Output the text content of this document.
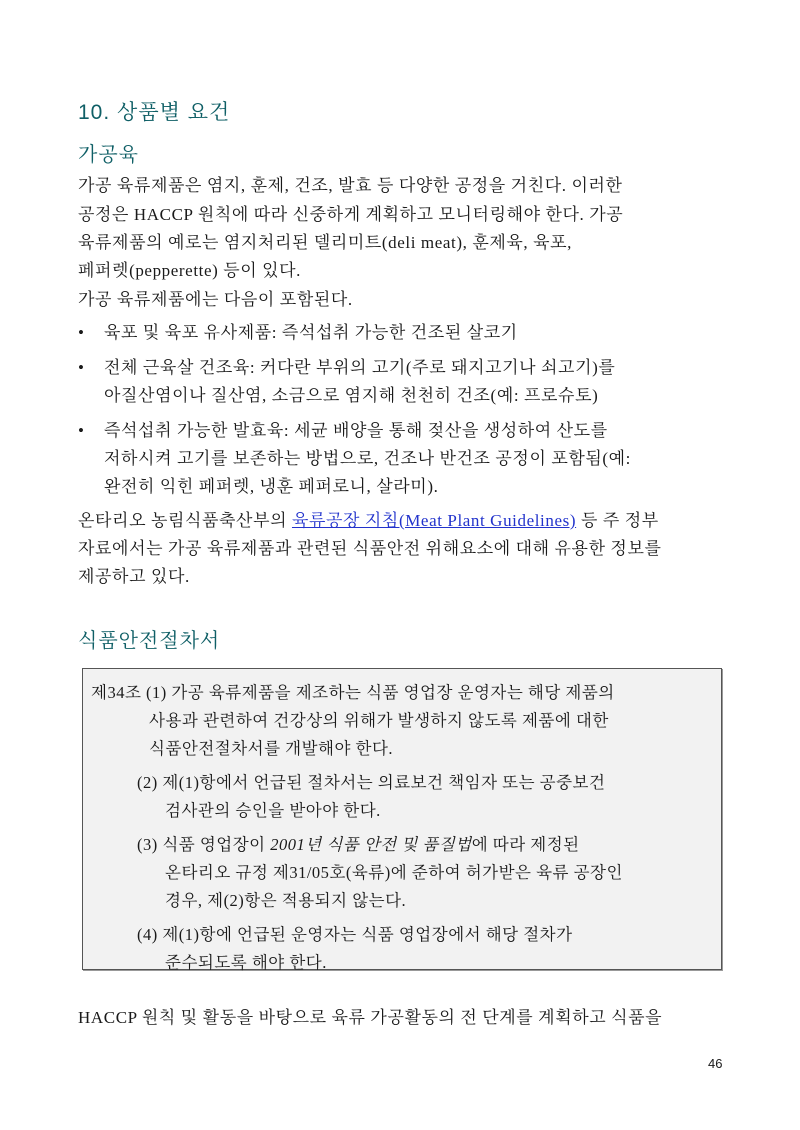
10. 상품별 요건
가공육
가공 육류제품은 염지, 훈제, 건조, 발효 등 다양한 공정을 거친다. 이러한
공정은 HACCP 원칙에 따라 신중하게 계획하고 모니터링해야 한다. 가공
육류제품의 예로는 염지처리된 델리미트(deli meat), 훈제육, 육포,
페퍼렛(pepperette) 등이 있다.
가공 육류제품에는 다음이 포함된다.
• 육포 및 육포 유사제품: 즉석섭취 가능한 건조된 살코기
• 전체 근육살 건조육: 커다란 부위의 고기(주로 돼지고기나 쇠고기)를
아질산염이나 질산염, 소금으로 염지해 천천히 건조(예: 프로슈토)
• 즉석섭취 가능한 발효육: 세균 배양을 통해 젖산을 생성하여 산도를
저하시켜 고기를 보존하는 방법으로, 건조나 반건조 공정이 포함됨(예:
완전히 익힌 페퍼렛, 냉훈 페퍼로니, 살라미).
온타리오 농림식품축산부의 육류공장 지침(Meat Plant Guidelines) 등 주 정부
자료에서는 가공 육류제품과 관련된 식품안전 위해요소에 대해 유용한 정보를
제공하고 있다.
식품안전절차서
제34조 (1) 가공 육류제품을 제조하는 식품 영업장 운영자는 해당 제품의
사용과 관련하여 건강상의 위해가 발생하지 않도록 제품에 대한
식품안전절차서를 개발해야 한다.
(2) 제(1)항에서 언급된 절차서는 의료보건 책임자 또는 공중보건
검사관의 승인을 받아야 한다.
(3) 식품 영업장이 2001년 식품 안전 및 품질법에 따라 제정된
온타리오 규정 제31/05호(육류)에 준하여 허가받은 육류 공장인
경우, 제(2)항은 적용되지 않는다.
(4) 제(1)항에 언급된 운영자는 식품 영업장에서 해당 절차가
준수되도록 해야 한다.
HACCP 원칙 및 활동을 바탕으로 육류 가공활동의 전 단계를 계획하고 식품을
46
